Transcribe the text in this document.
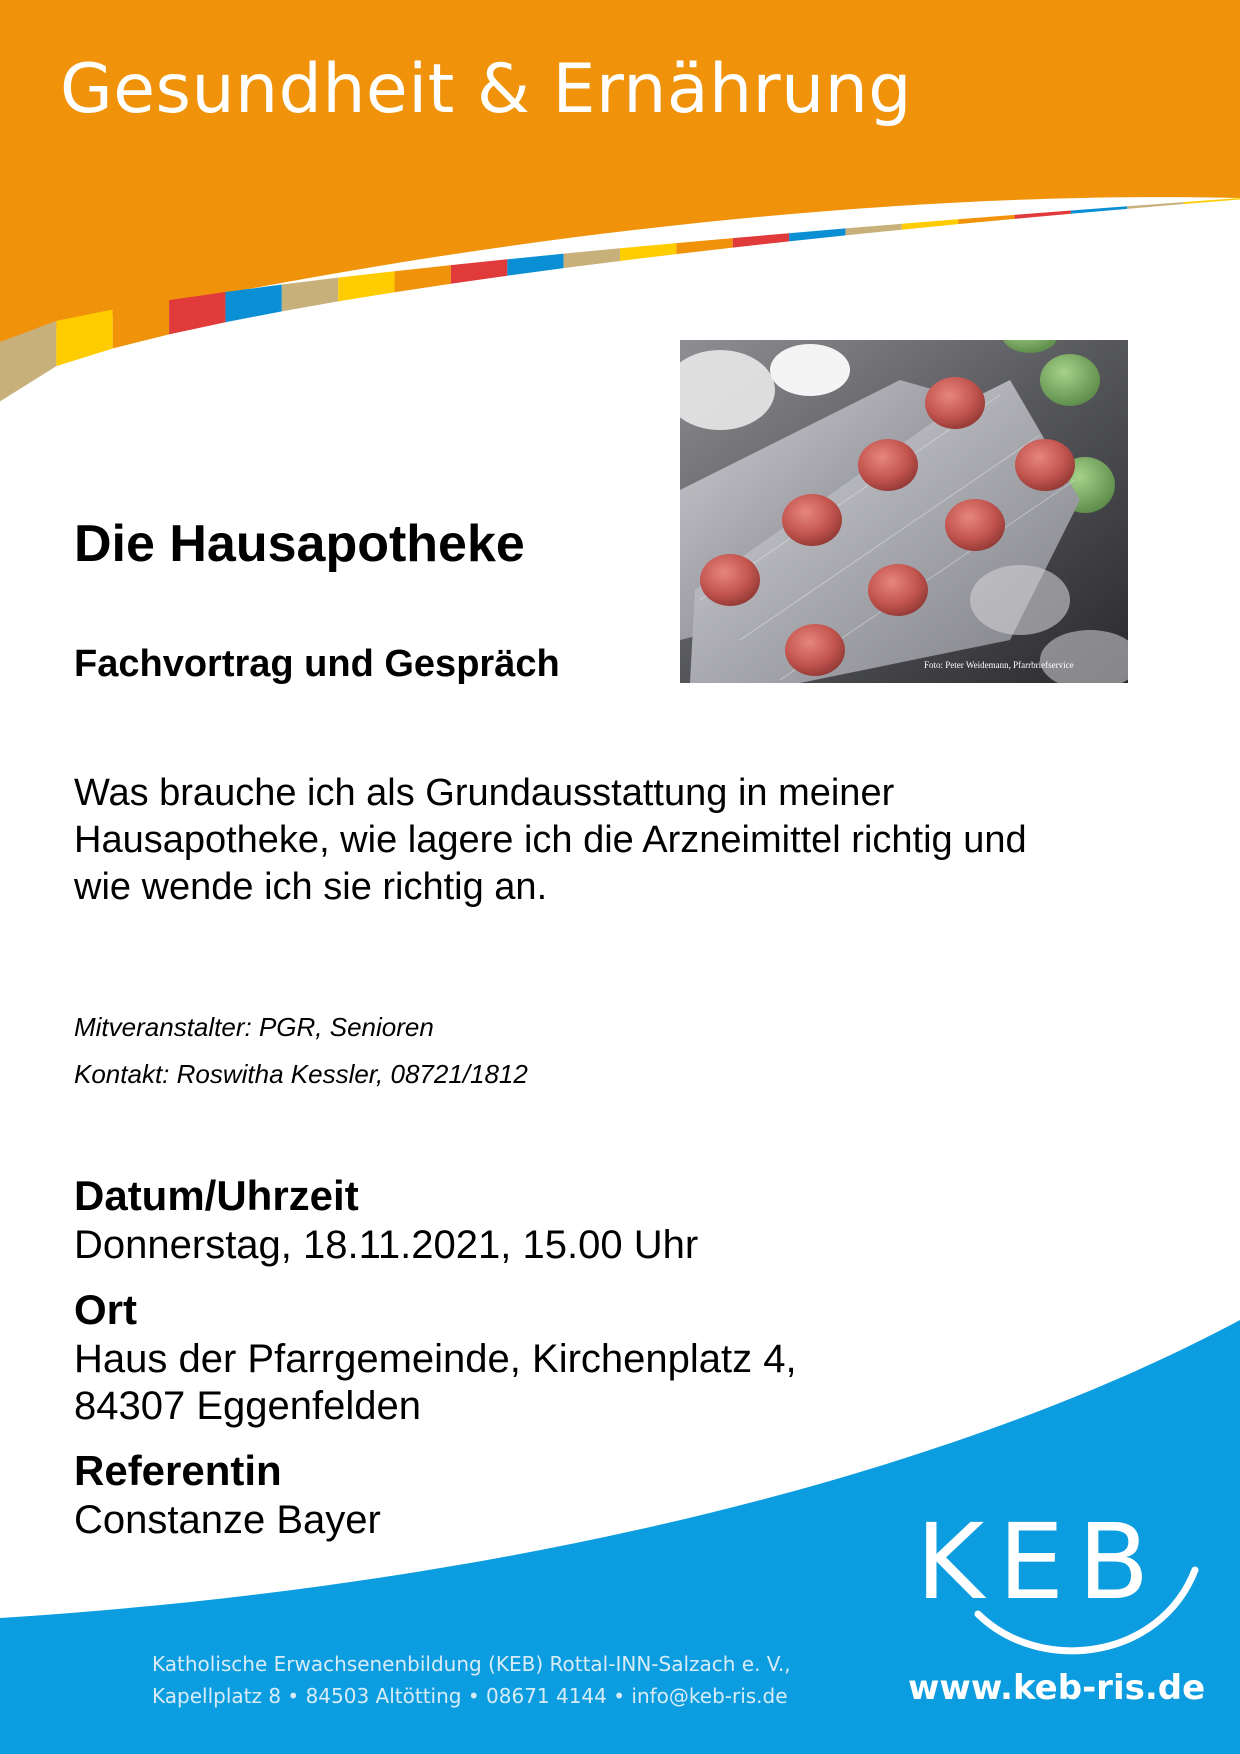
Gesundheit & Ernährung
Foto: Peter Weidemann, Pfarrbriefservice
Die Hausapotheke
Fachvortrag und Gespräch
Was brauche ich als Grundausstattung in meiner
Hausapotheke, wie lagere ich die Arzneimittel richtig und
wie wende ich sie richtig an.
Mitveranstalter: PGR, Senioren
Kontakt: Roswitha Kessler, 08721/1812
Datum/Uhrzeit
Donnerstag, 18.11.2021, 15.00 Uhr
Ort
Haus der Pfarrgemeinde, Kirchenplatz 4,
84307 Eggenfelden
Referentin
Constanze Bayer	KEB
Katholische Erwachsenenbildung (KEB) Rottal-INN-Salzach e. V.,
Kapellplatz 8 • 84503 Altötting • 08671 4144 • info@keb-ris.de	www.keb-ris.de
